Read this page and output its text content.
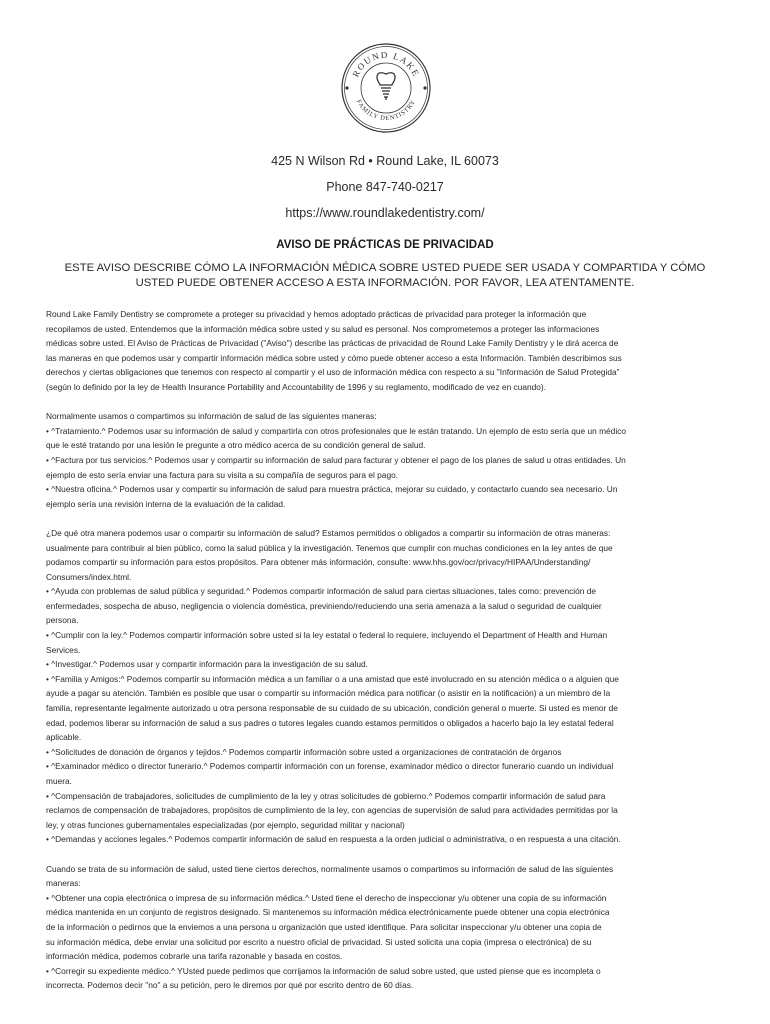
ROUND LAKE
FAMILY DENTISTRY
425 N Wilson Rd • Round Lake, IL 60073
Phone 847-740-0217
https://www.roundlakedentistry.com/
AVISO DE PRÁCTICAS DE PRIVACIDAD
ESTE AVISO DESCRIBE CÓMO LA INFORMACIÓN MÉDICA SOBRE USTED PUEDE SER USADA Y COMPARTIDA Y CÓMO USTED PUEDE OBTENER ACCESO A ESTA INFORMACIÓN. POR FAVOR, LEA ATENTAMENTE.

Round Lake Family Dentistry se compromete a proteger su privacidad y hemos adoptado prácticas de privacidad para proteger la información que
recopilamos de usted. Entendemos que la información médica sobre usted y su salud es personal. Nos comprometemos a proteger las informaciones
médicas sobre usted. El Aviso de Prácticas de Privacidad ("Aviso") describe las prácticas de privacidad de Round Lake Family Dentistry y le dirá acerca de
las maneras en que podemos usar y compartir información médica sobre usted y cómo puede obtener acceso a esta Información. También describimos sus
derechos y ciertas obligaciones que tenemos con respecto al compartir y el uso de información médica con respecto a su "Información de Salud Protegida"
(según lo definido por la ley de Health Insurance Portability and Accountability de 1996 y su reglamento, modificado de vez en cuando).

Normalmente usamos o compartimos su información de salud de las siguientes maneras:
• ^Tratamiento.^ Podemos usar su información de salud y compartirla con otros profesionales que le están tratando. Un ejemplo de esto sería que un médico
que le esté tratando por una lesión le pregunte a otro médico acerca de su condición general de salud.
• ^Factura por tus servicios.^ Podemos usar y compartir su información de salud para facturar y obtener el pago de los planes de salud u otras entidades. Un
ejemplo de esto sería enviar una factura para su visita a su compañía de seguros para el pago.
• ^Nuestra oficina.^ Podemos usar y compartir su información de salud para rnuestra práctica, mejorar su cuidado, y contactarlo cuando sea necesario. Un
ejemplo sería una revisión interna de la evaluación de la calidad.

¿De qué otra manera podemos usar o compartir su información de salud? Estamos permitidos o obligados a compartir su información de otras maneras:
usualmente para contribuir al bien público, como la salud pública y la investigación. Tenemos que cumplir con muchas condiciones en la ley antes de que
podamos compartir su información para estos propósitos. Para obtener más información, consulte: www.hhs.gov/ocr/privacy/HIPAA/Understanding/
Consumers/index.html.
• ^Ayuda con problemas de salud pública y seguridad.^ Podemos compartir información de salud para ciertas situaciones, tales como: prevención de
enfermedades, sospecha de abuso, negligencia o violencia doméstica, previniendo/reduciendo una seria amenaza a la salud o seguridad de cualquier
persona.
• ^Cumplir con la ley.^ Podemos compartir información sobre usted si la ley estatal o federal lo requiere, incluyendo el Department of Health and Human
Services.
• ^Investigar.^ Podemos usar y compartir información para la investigación de su salud.
• ^Familia y Amigos:^ Podemos compartir su información médica a un familiar o a una amistad que esté involucrado en su atención médica o a alguien que
ayude a pagar su atención. También es posible que usar o compartir su información médica para notificar (o asistir en la notificación) a un miembro de la
familia, representante legalmente autorizado u otra persona responsable de su cuidado de su ubicación, condición general o muerte. Si usted es menor de
edad, podemos liberar su información de salud a sus padres o tutores legales cuando estamos permitidos o obligados a hacerlo bajo la ley estatal federal
aplicable.
• ^Solicitudes de donación de órganos y tejidos.^ Podemos compartir información sobre usted a organizaciones de contratación de órganos
• ^Examinador médico o director funerario.^ Podemos compartir información con un forense, examinador médico o director funerario cuando un individual
muera.
• ^Compensación de trabajadores, solicitudes de cumplimiento de la ley y otras solicitudes de gobierno.^ Podemos compartir información de salud para
reclamos de compensación de trabajadores, propósitos de cumplimiento de la ley, con agencias de supervisión de salud para actividades permitidas por la
ley, y otras funciones gubernamentales especializadas (por ejemplo, seguridad militar y nacional)
• ^Demandas y acciones legales.^ Podemos compartir información de salud en respuesta a la orden judicial o administrativa, o en respuesta a una citación.

Cuando se trata de su información de salud, usted tiene ciertos derechos, normalmente usamos o compartimos su información de salud de las siguientes
maneras:
• ^Obtener una copia electrónica o impresa de su información médica.^ Usted tiene el derecho de inspeccionar y/u obtener una copia de su información
médica mantenida en un conjunto de registros designado. Si mantenemos su información médica electrónicamente puede obtener una copia electrónica
de la información o pedirnos que la enviemos a una persona u organización que usted identifique. Para solicitar inspeccionar y/u obtener una copia de
su información médica, debe enviar una solicitud por escrito a nuestro oficial de privacidad. Si usted solicita una copia (impresa o electrónica) de su
información médica, podemos cobrarle una tarifa razonable y basada en costos.
• ^Corregir su expediente médico.^ YUsted puede pedirnos que corrijamos la información de salud sobre usted, que usted piense que es incompleta o
incorrecta. Podemos decir "no" a su petición, pero le diremos por qué por escrito dentro de 60 días.
